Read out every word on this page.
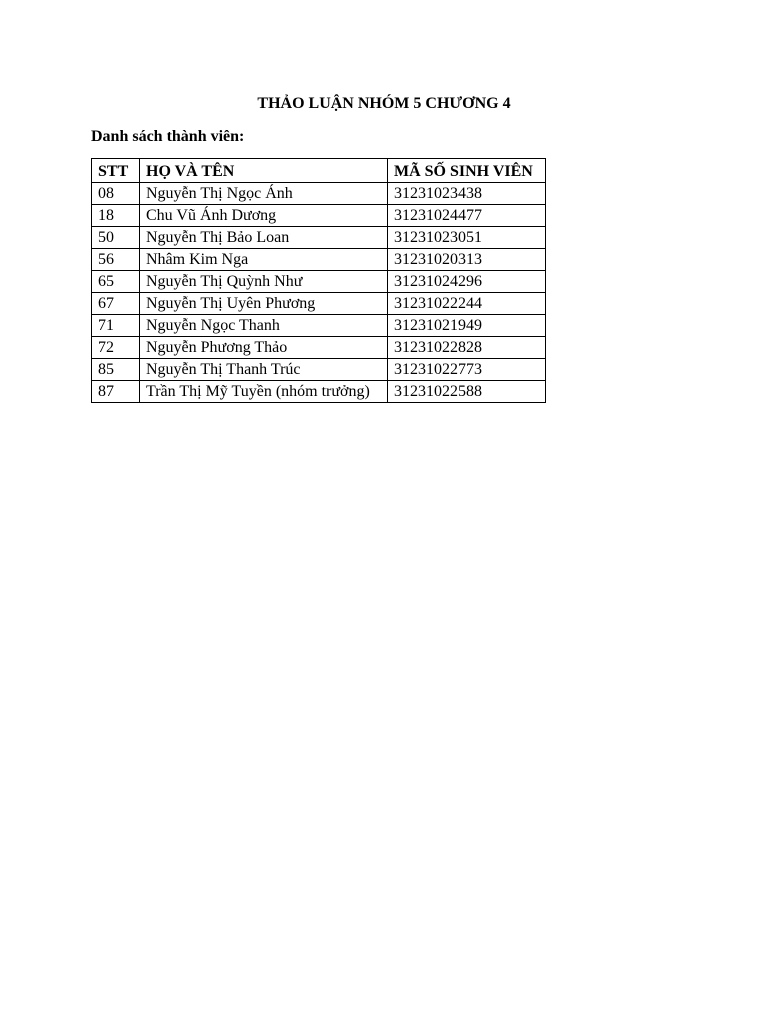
THẢO LUẬN NHÓM 5 CHƯƠNG 4
Danh sách thành viên:
STT	HỌ VÀ TÊN	MÃ SỐ SINH VIÊN
08	Nguyễn Thị Ngọc Ánh	31231023438
18	Chu Vũ Ánh Dương	31231024477
50	Nguyễn Thị Bảo Loan	31231023051
56	Nhâm Kim Nga	31231020313
65	Nguyễn Thị Quỳnh Như	31231024296
67	Nguyễn Thị Uyên Phương	31231022244
71	Nguyễn Ngọc Thanh	31231021949
72	Nguyễn Phương Thảo	31231022828
85	Nguyễn Thị Thanh Trúc	31231022773
87	Trần Thị Mỹ Tuyền (nhóm trưởng)	31231022588
